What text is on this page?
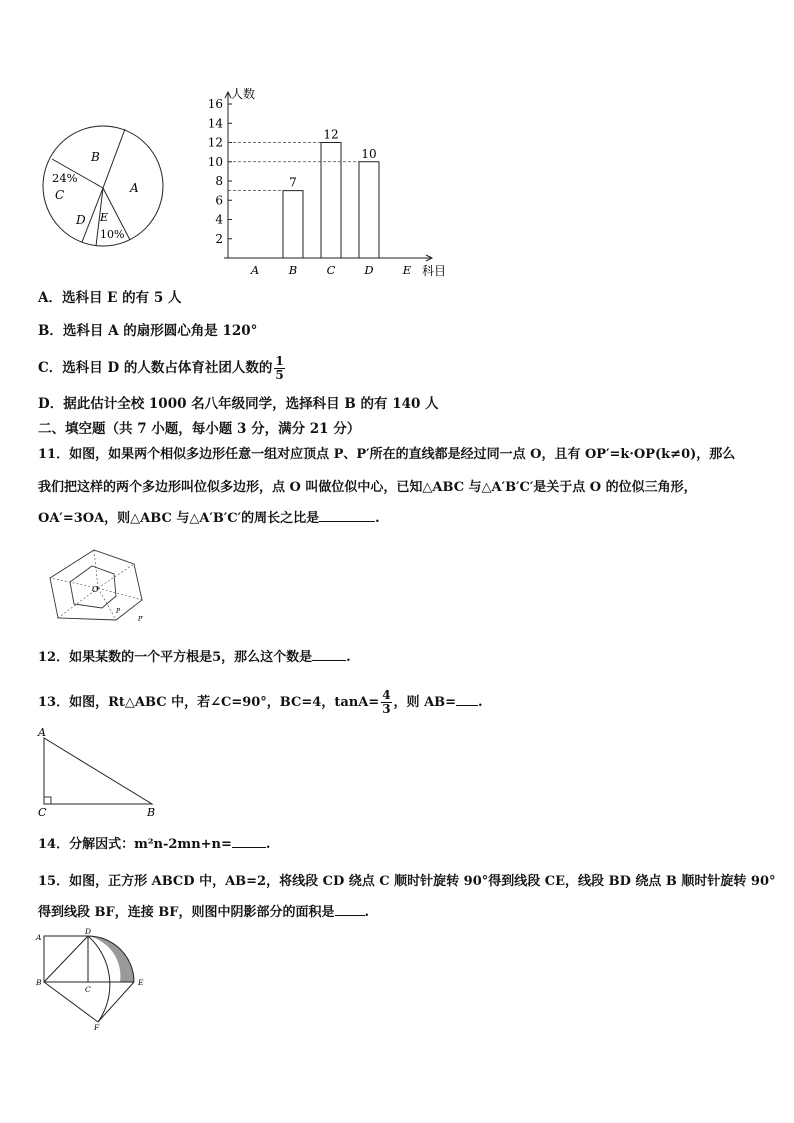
B
A
24%
C
D E
10%
人数
科目
2
4
6
8
10
12
14
16
A	B
7
C
12
D
10
E
A．选科目 E 的有 5 人
B．选科目 A 的扇形圆心角是 120°
C．选科目 D 的人数占体育社团人数的 $\frac{1}{5}$
D．据此估计全校 1000 名八年级同学，选择科目 B 的有 140 人
二、填空题（共 7 小题，每小题 3 分，满分 21 分）
11．如图，如果两个相似多边形任意一组对应顶点 P、P′所在的直线都是经过同一点 O，且有 OP′=k·OP(k≠0)，那么
我们把这样的两个多边形叫位似多边形，点 O 叫做位似中心，已知△ABC 与△A′B′C′是关于点 O 的位似三角形，
OA′=3OA，则△ABC 与△A′B′C′的周长之比是	.
O
P
P′
12．如果某数的一个平方根是5，那么这个数是	.
13．如图，Rt△ABC 中，若∠C=90°，BC=4，$\tan A= \frac{4}{3}$ ，则 AB= .
A
C	B
14．分解因式：m²n-2mn+n=	.
15．如图，正方形 ABCD 中，AB=2，将线段 CD 绕点 C 顺时针旋转 90°得到线段 CE，线段 BD 绕点 B 顺时针旋转 90°
得到线段 BF，连接 BF，则图中阴影部分的面积是 .
A
D
B
C
E
F
